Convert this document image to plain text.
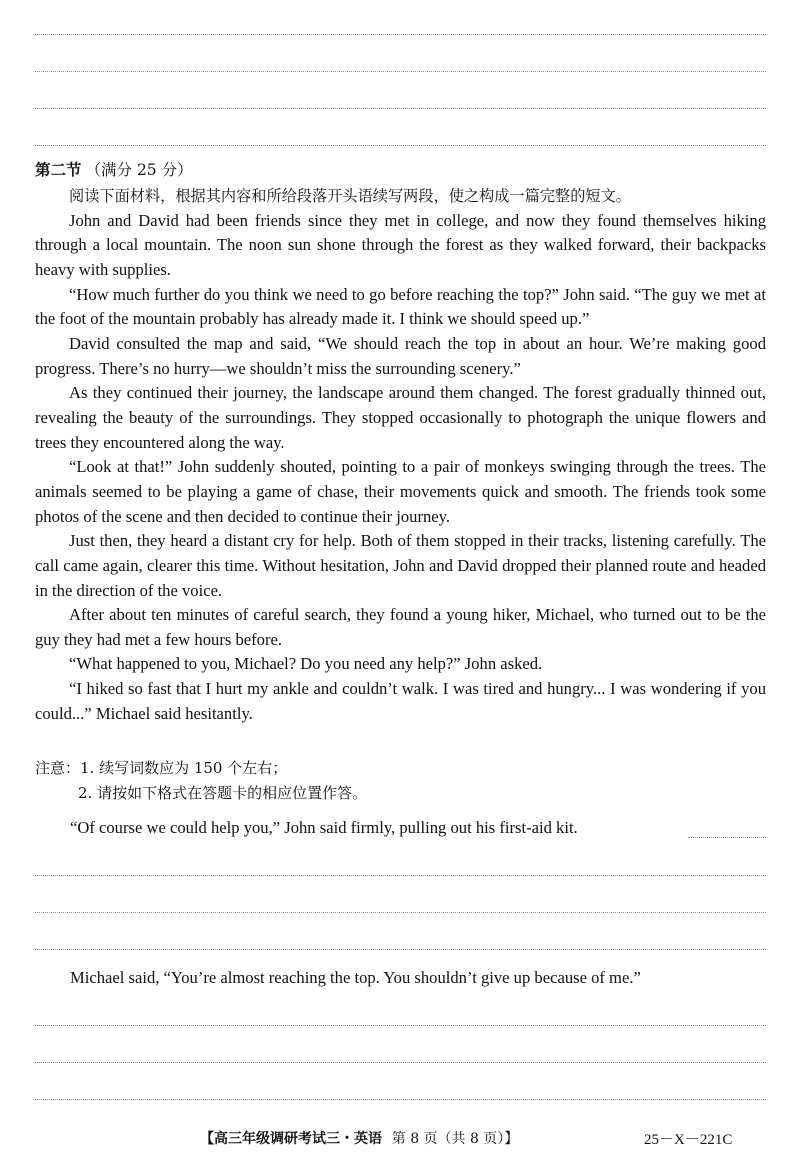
第二节 （满分 25 分）

阅读下面材料，根据其内容和所给段落开头语续写两段，使之构成一篇完整的短文。

John and David had been friends since they met in college, and now they found themselves hiking through a local mountain. The noon sun shone through the forest as they walked forward, their backpacks heavy with supplies.

“How much further do you think we need to go before reaching the top?” John said. “The guy we met at the foot of the mountain probably has already made it. I think we should speed up.”

David consulted the map and said, “We should reach the top in about an hour. We’re making good progress. There’s no hurry—we shouldn’t miss the surrounding scenery.”

As they continued their journey, the landscape around them changed. The forest gradually thinned out, revealing the beauty of the surroundings. They stopped occasionally to photograph the unique flowers and trees they encountered along the way.

“Look at that!” John suddenly shouted, pointing to a pair of monkeys swinging through the trees. The animals seemed to be playing a game of chase, their movements quick and smooth. The friends took some photos of the scene and then decided to continue their journey.

Just then, they heard a distant cry for help. Both of them stopped in their tracks, listening carefully. The call came again, clearer this time. Without hesitation, John and David dropped their planned route and headed in the direction of the voice.

After about ten minutes of careful search, they found a young hiker, Michael, who turned out to be the guy they had met a few hours before.

“What happened to you, Michael? Do you need any help?” John asked.

“I hiked so fast that I hurt my ankle and couldn’t walk. I was tired and hungry... I was wondering if you could...” Michael said hesitantly.

注意：1. 续写词数应为 150 个左右；
2. 请按如下格式在答题卡的相应位置作答。
“Of course we could help you,” John said firmly, pulling out his first-aid kit.
Michael said, “You’re almost reaching the top. You shouldn’t give up because of me.”
【高三年级调研考试三・英语 第 8 页（共 8 页）】	25－X－221C
